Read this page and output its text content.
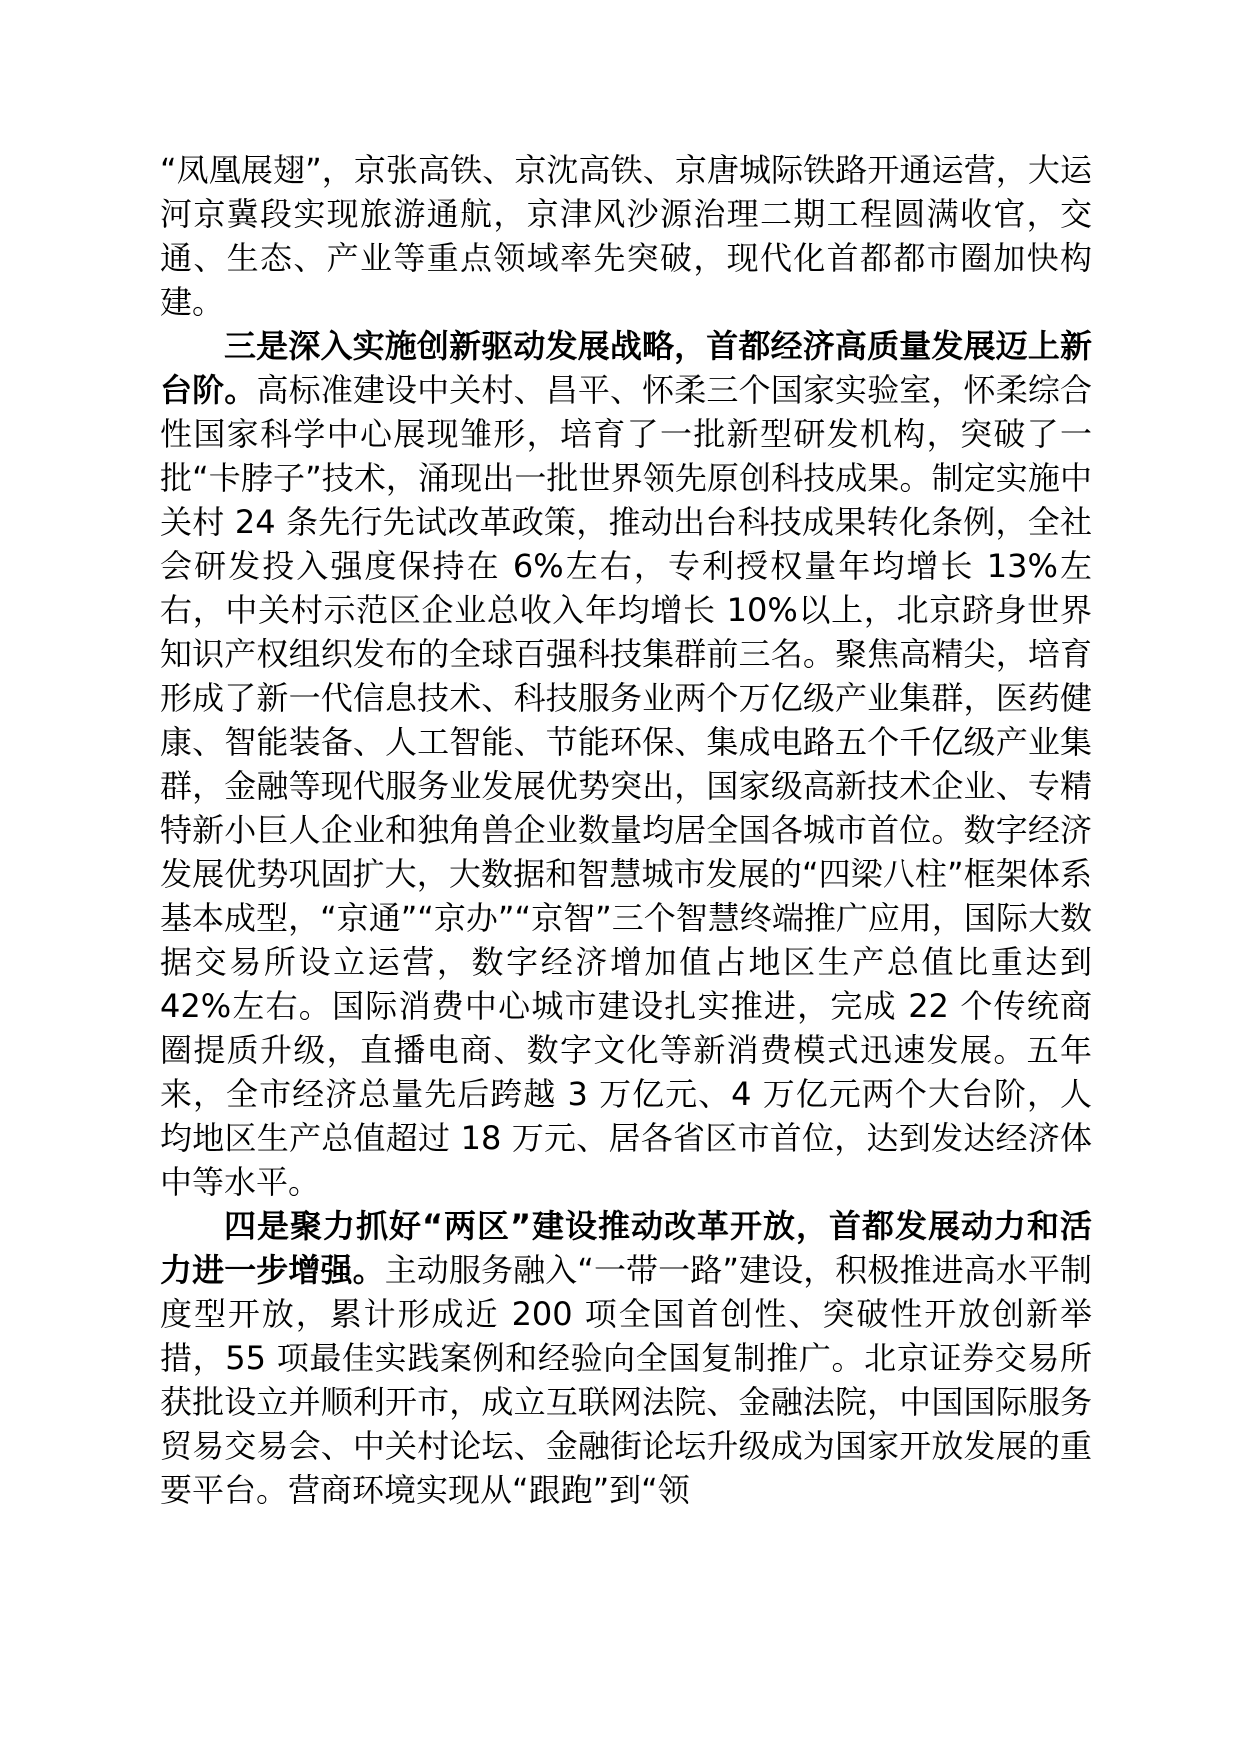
“凤凰展翅”，京张高铁、京沈高铁、京唐城际铁路开通运营，大运河京冀段实现旅游通航，京津风沙源治理二期工程圆满收官，交通、生态、产业等重点领域率先突破，现代化首都都市圈加快构建。

三是深入实施创新驱动发展战略，首都经济高质量发展迈上新台阶。高标准建设中关村、昌平、怀柔三个国家实验室，怀柔综合性国家科学中心展现雏形，培育了一批新型研发机构，突破了一批“卡脖子”技术，涌现出一批世界领先原创科技成果。制定实施中关村 24 条先行先试改革政策，推动出台科技成果转化条例，全社会研发投入强度保持在 6%左右，专利授权量年均增长 13%左右，中关村示范区企业总收入年均增长 10%以上，北京跻身世界知识产权组织发布的全球百强科技集群前三名。聚焦高精尖，培育形成了新一代信息技术、科技服务业两个万亿级产业集群，医药健康、智能装备、人工智能、节能环保、集成电路五个千亿级产业集群，金融等现代服务业发展优势突出，国家级高新技术企业、专精特新小巨人企业和独角兽企业数量均居全国各城市首位。数字经济发展优势巩固扩大，大数据和智慧城市发展的“四梁八柱”框架体系基本成型，“京通”“京办”“京智”三个智慧终端推广应用，国际大数据交易所设立运营，数字经济增加值占地区生产总值比重达到 42%左右。国际消费中心城市建设扎实推进，完成 22 个传统商圈提质升级，直播电商、数字文化等新消费模式迅速发展。五年来，全市经济总量先后跨越 3 万亿元、4 万亿元两个大台阶，人均地区生产总值超过 18 万元、居各省区市首位，达到发达经济体中等水平。

四是聚力抓好“两区”建设推动改革开放，首都发展动力和活力进一步增强。主动服务融入“一带一路”建设，积极推进高水平制度型开放，累计形成近 200 项全国首创性、突破性开放创新举措，55 项最佳实践案例和经验向全国复制推广。北京证券交易所获批设立并顺利开市，成立互联网法院、金融法院，中国国际服务贸易交易会、中关村论坛、金融街论坛升级成为国家开放发展的重要平台。营商环境实现从“跟跑”到“领
